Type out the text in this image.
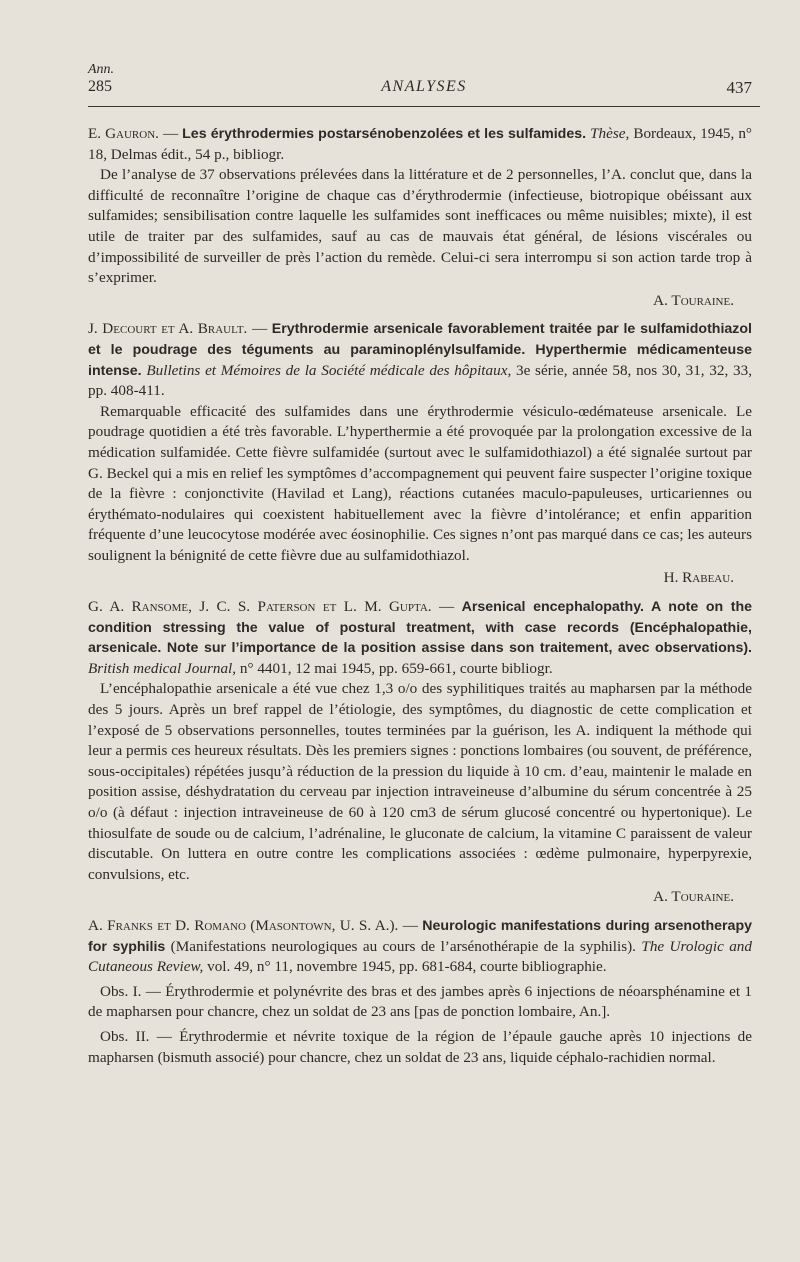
Ann.
285	ANALYSES	437

E. Gauron. — Les érythrodermies postarsénobenzolées et les sulfamides. Thèse, Bordeaux, 1945, n° 18, Delmas édit., 54 p., bibliogr.

De l’analyse de 37 observations prélevées dans la littérature et de 2 personnelles, l’A. conclut que, dans la difficulté de reconnaître l’origine de chaque cas d’érythrodermie (infectieuse, biotropique obéissant aux sulfamides; sensibilisation contre laquelle les sulfamides sont inefficaces ou même nuisibles; mixte), il est utile de traiter par des sulfamides, sauf au cas de mauvais état général, de lésions viscérales ou d’impossibilité de surveiller de près l’action du remède. Celui-ci sera interrompu si son action tarde trop à s’exprimer.

A. Touraine.

J. Decourt et A. Brault. — Erythrodermie arsenicale favorablement traitée par le sulfamidothiazol et le poudrage des téguments au paraminoplénylsulfamide. Hyperthermie médicamenteuse intense. Bulletins et Mémoires de la Société médicale des hôpitaux, 3e série, année 58, nos 30, 31, 32, 33, pp. 408-411.

Remarquable efficacité des sulfamides dans une érythrodermie vésiculo-œdémateuse arsenicale. Le poudrage quotidien a été très favorable. L’hyperthermie a été provoquée par la prolongation excessive de la médication sulfamidée. Cette fièvre sulfamidée (surtout avec le sulfamidothiazol) a été signalée surtout par G. Beckel qui a mis en relief les symptômes d’accompagnement qui peuvent faire suspecter l’origine toxique de la fièvre : conjonctivite (Havilad et Lang), réactions cutanées maculo-papuleuses, urticariennes ou érythémato-nodulaires qui coexistent habituellement avec la fièvre d’intolérance; et enfin apparition fréquente d’une leucocytose modérée avec éosinophilie. Ces signes n’ont pas marqué dans ce cas; les auteurs soulignent la bénignité de cette fièvre due au sulfamidothiazol.

H. Rabeau.

G. A. Ransome, J. C. S. Paterson et L. M. Gupta. — Arsenical encephalopathy. A note on the condition stressing the value of postural treatment, with case records (Encéphalopathie, arsenicale. Note sur l’importance de la position assise dans son traitement, avec observations). British medical Journal, n° 4401, 12 mai 1945, pp. 659-661, courte bibliogr.

L’encéphalopathie arsenicale a été vue chez 1,3 o/o des syphilitiques traités au mapharsen par la méthode des 5 jours. Après un bref rappel de l’étiologie, des symptômes, du diagnostic de cette complication et l’exposé de 5 observations personnelles, toutes terminées par la guérison, les A. indiquent la méthode qui leur a permis ces heureux résultats. Dès les premiers signes : ponctions lombaires (ou souvent, de préférence, sous-occipitales) répétées jusqu’à réduction de la pression du liquide à 10 cm. d’eau, maintenir le malade en position assise, déshydratation du cerveau par injection intraveineuse d’albumine du sérum concentrée à 25 o/o (à défaut : injection intraveineuse de 60 à 120 cm3 de sérum glucosé concentré ou hypertonique). Le thiosulfate de soude ou de calcium, l’adrénaline, le gluconate de calcium, la vitamine C paraissent de valeur discutable. On luttera en outre contre les complications associées : œdème pulmonaire, hyperpyrexie, convulsions, etc.

A. Touraine.

A. Franks et D. Romano (Masontown, U. S. A.). — Neurologic manifestations during arsenotherapy for syphilis (Manifestations neurologiques au cours de l’arsénothérapie de la syphilis). The Urologic and Cutaneous Review, vol. 49, n° 11, novembre 1945, pp. 681-684, courte bibliographie.

Obs. I. — Érythrodermie et polynévrite des bras et des jambes après 6 injections de néoarsphénamine et 1 de mapharsen pour chancre, chez un soldat de 23 ans [pas de ponction lombaire, An.].

Obs. II. — Érythrodermie et névrite toxique de la région de l’épaule gauche après 10 injections de mapharsen (bismuth associé) pour chancre, chez un soldat de 23 ans, liquide céphalo-rachidien normal.
